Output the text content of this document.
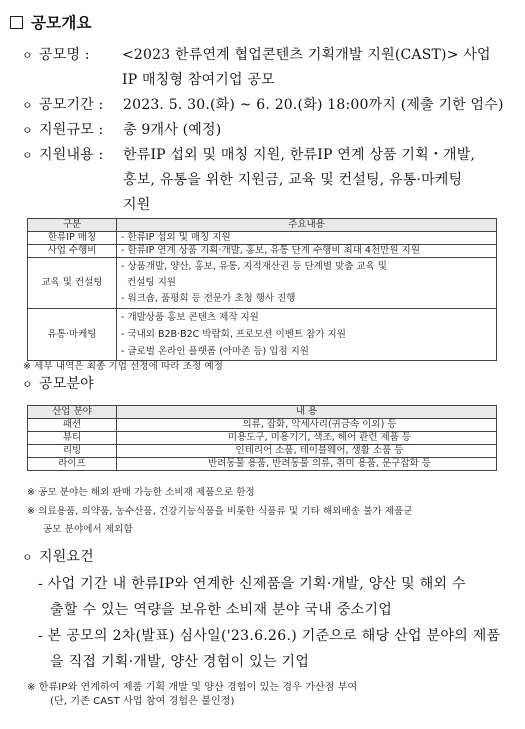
공모개요
ㅇ 공모명 : <2023 한류연계 협업콘텐츠 기획개발 지원(CAST)> 사업
IP 매칭형 참여기업 공모
ㅇ 공모기간 : 2023. 5. 30.(화) ~ 6. 20.(화) 18:00까지 (제출 기한 엄수)
ㅇ 지원규모 : 총 9개사 (예정)
ㅇ 지원내용 : 한류IP 섭외 및 매칭 지원, 한류IP 연계 상품 기획・개발,
홍보, 유통을 위한 지원금, 교육 및 컨설팅, 유통·마케팅
지원
구분	주요내용
한류IP 매칭	- 한류IP 섭외 및 매칭 지원
사업 수행비	- 한류IP 연계 상품 기획·개발, 홍보, 유통 단계 수행비 최대 4천만원 지원
교육 및 컨설팅	- 상품개발, 양산, 홍보, 유통, 지적재산권 등 단계별 맞춤 교육 및
컨설팅 지원
- 워크숍, 품평회 등 전문가 초청 행사 진행

유통·마케팅	- 개발상품 홍보 콘텐츠 제작 지원
- 국내외 B2B·B2C 박람회, 프로모션 이벤트 참가 지원
- 글로벌 온라인 플랫폼 (아마존 등) 입점 지원
※ 세부 내역은 최종 기업 선정에 따라 조정 예정
ㅇ 공모분야
산업 분야	내 용
패션	의류, 잡화, 악세사리(귀금속 이외) 등
뷰티	미용도구, 미용기기, 색조, 헤어 관련 제품 등
리빙	인테리어 소품, 테이블웨어, 생활 소품 등
라이프	반려동물 용품, 반려동물 의류, 취미 용품, 문구잡화 등
※ 공모 분야는 해외 판매 가능한 소비재 제품으로 한정
※ 의료용품, 의약품, 농수산품, 건강기능식품을 비롯한 식품류 및 기타 해외배송 불가 제품군
공모 분야에서 제외함
ㅇ 지원요건
- 사업 기간 내 한류IP와 연계한 신제품을 기획·개발, 양산 및 해외 수
출할 수 있는 역량을 보유한 소비재 분야 국내 중소기업
- 본 공모의 2차(발표) 심사일('23.6.26.) 기준으로 해당 산업 분야의 제품
을 직접 기획·개발, 양산 경험이 있는 기업
※ 한류IP와 연계하여 제품 기획 개발 및 양산 경험이 있는 경우 가산점 부여
(단, 기존 CAST 사업 참여 경험은 불인정)
